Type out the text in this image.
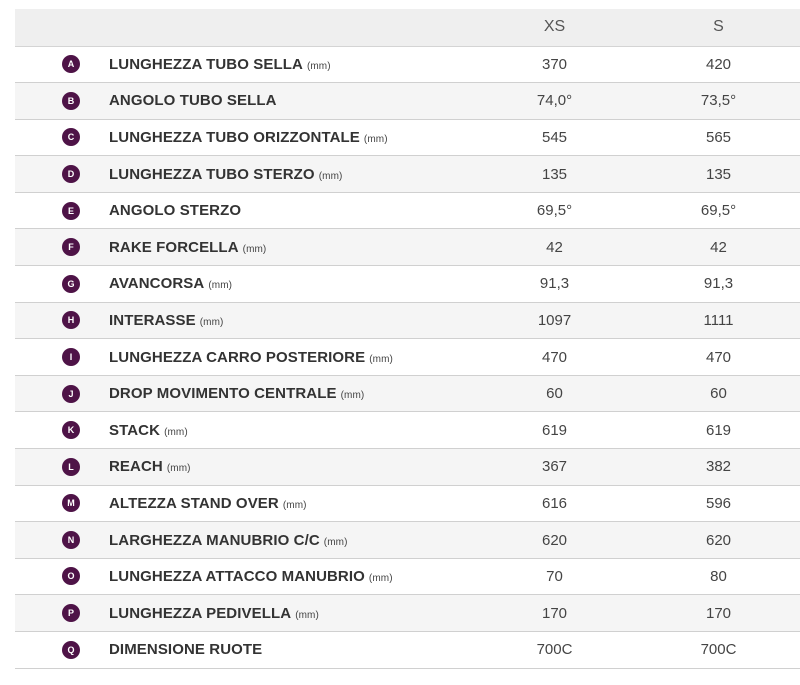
		XS	S
A	LUNGHEZZA TUBO SELLA (mm)	370	420
B	ANGOLO TUBO SELLA	74,0°	73,5°
C	LUNGHEZZA TUBO ORIZZONTALE (mm)	545	565
D	LUNGHEZZA TUBO STERZO (mm)	135	135
E	ANGOLO STERZO	69,5°	69,5°
F	RAKE FORCELLA (mm)	42	42
G	AVANCORSA (mm)	91,3	91,3
H	INTERASSE (mm)	1097	1111
I	LUNGHEZZA CARRO POSTERIORE (mm)	470	470
J	DROP MOVIMENTO CENTRALE (mm)	60	60
K	STACK (mm)	619	619
L	REACH (mm)	367	382
M	ALTEZZA STAND OVER (mm)	616	596
N	LARGHEZZA MANUBRIO C/C (mm)	620	620
O	LUNGHEZZA ATTACCO MANUBRIO (mm)	70	80
P	LUNGHEZZA PEDIVELLA (mm)	170	170
Q	DIMENSIONE RUOTE	700C	700C
